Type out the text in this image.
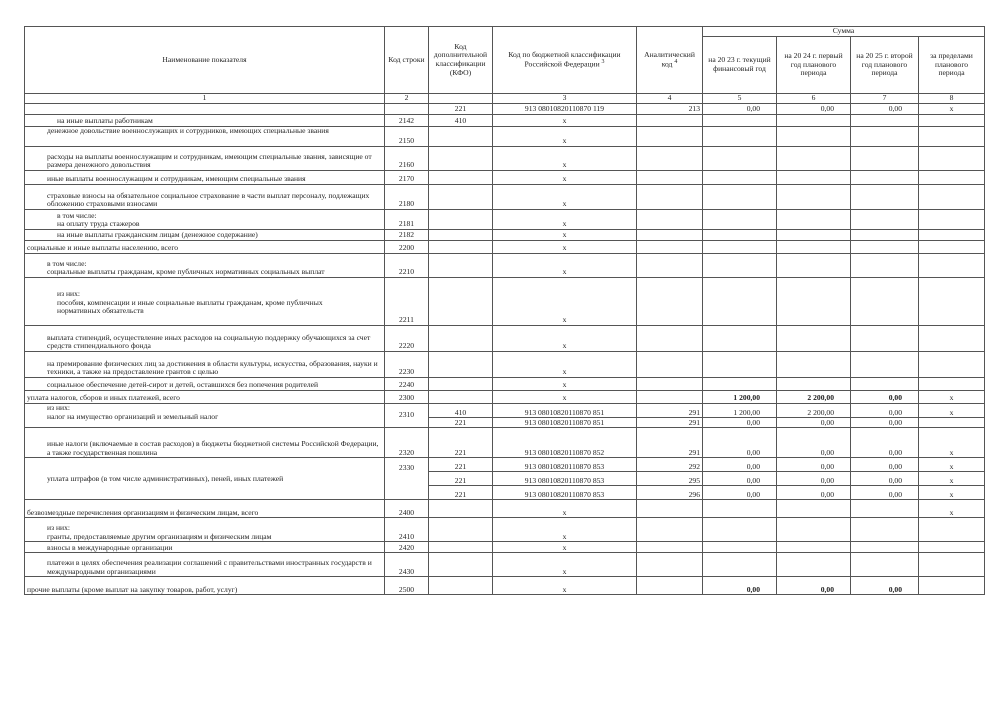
Наименование показателя	Код строки	Код дополнительной классификации (КФО)	Код по бюджетной классификации Российской Федерации $^3$	Аналитический код $^4$	Сумма			
					на 20 23 г. текущий финансовый год	на 20 24 г. первый год планового периода	на 20 25 г. второй год планового периода	за пределами планового периода
1	2		3	4	5	6	7	8
		221	913 08010820110870 119	213	0,00	0,00	0,00	x
на иные выплаты работникам	2142	410	x					
денежное довольствие военнослужащих и сотрудников, имеющих специальные звания	2150		x					
расходы на выплаты военнослужащим и сотрудникам, имеющим специальные звания, зависящие от размера денежного довольствия	2160		x					
иные выплаты военнослужащим и сотрудникам, имеющим специальные звания	2170		x					
страховые взносы на обязательное социальное страхование в части выплат персоналу, подлежащих обложению страховыми взносами	2180		x					

в том числе:
на оплату труда стажеров	2181		x					
на иные выплаты гражданским лицам (денежное содержание)	2182		x					
социальные и иные выплаты населению, всего	2200		x					

в том числе:
социальные выплаты гражданам, кроме публичных нормативных социальных выплат	2210		x					

из них:
пособия, компенсации и иные социальные выплаты гражданам, кроме публичных нормативных обязательств	2211		x					
выплата стипендий, осуществление иных расходов на социальную поддержку обучающихся за счет средств стипендиального фонда	2220		x					
на премирование физических лиц за достижения в области культуры, искусства, образования, науки и техники, а также на предоставление грантов с целью	2230		x					
социальное обеспечение детей-сирот и детей, оставшихся без попечения родителей	2240		x					
уплата налогов, сборов и иных платежей, всего	2300		x		1 200,00	2 200,00	0,00	x

из них:
налог на имущество организаций и земельный налог	2310	410	913 08010820110870 851	291	1 200,00	2 200,00	0,00	x
		221	913 08010820110870 851	291	0,00	0,00	0,00	
иные налоги (включаемые в состав расходов) в бюджеты бюджетной системы Российской Федерации, а также государственная пошлина	2320	221	913 08010820110870 852	291	0,00	0,00	0,00	x
уплата штрафов (в том числе административных), пеней, иных платежей	2330	221	913 08010820110870 853	292	0,00	0,00	0,00	x
		221	913 08010820110870 853	295	0,00	0,00	0,00	x
		221	913 08010820110870 853	296	0,00	0,00	0,00	x
безвозмездные перечисления организациям и физическим лицам, всего	2400		x					x

из них:
гранты, предоставляемые другим организациям и физическим лицам	2410		x					
взносы в международные организации	2420		x					
платежи в целях обеспечения реализации соглашений с правительствами иностранных государств и международными организациями	2430		x					
прочие выплаты (кроме выплат на закупку товаров, работ, услуг)	2500		x		0,00	0,00	0,00	
